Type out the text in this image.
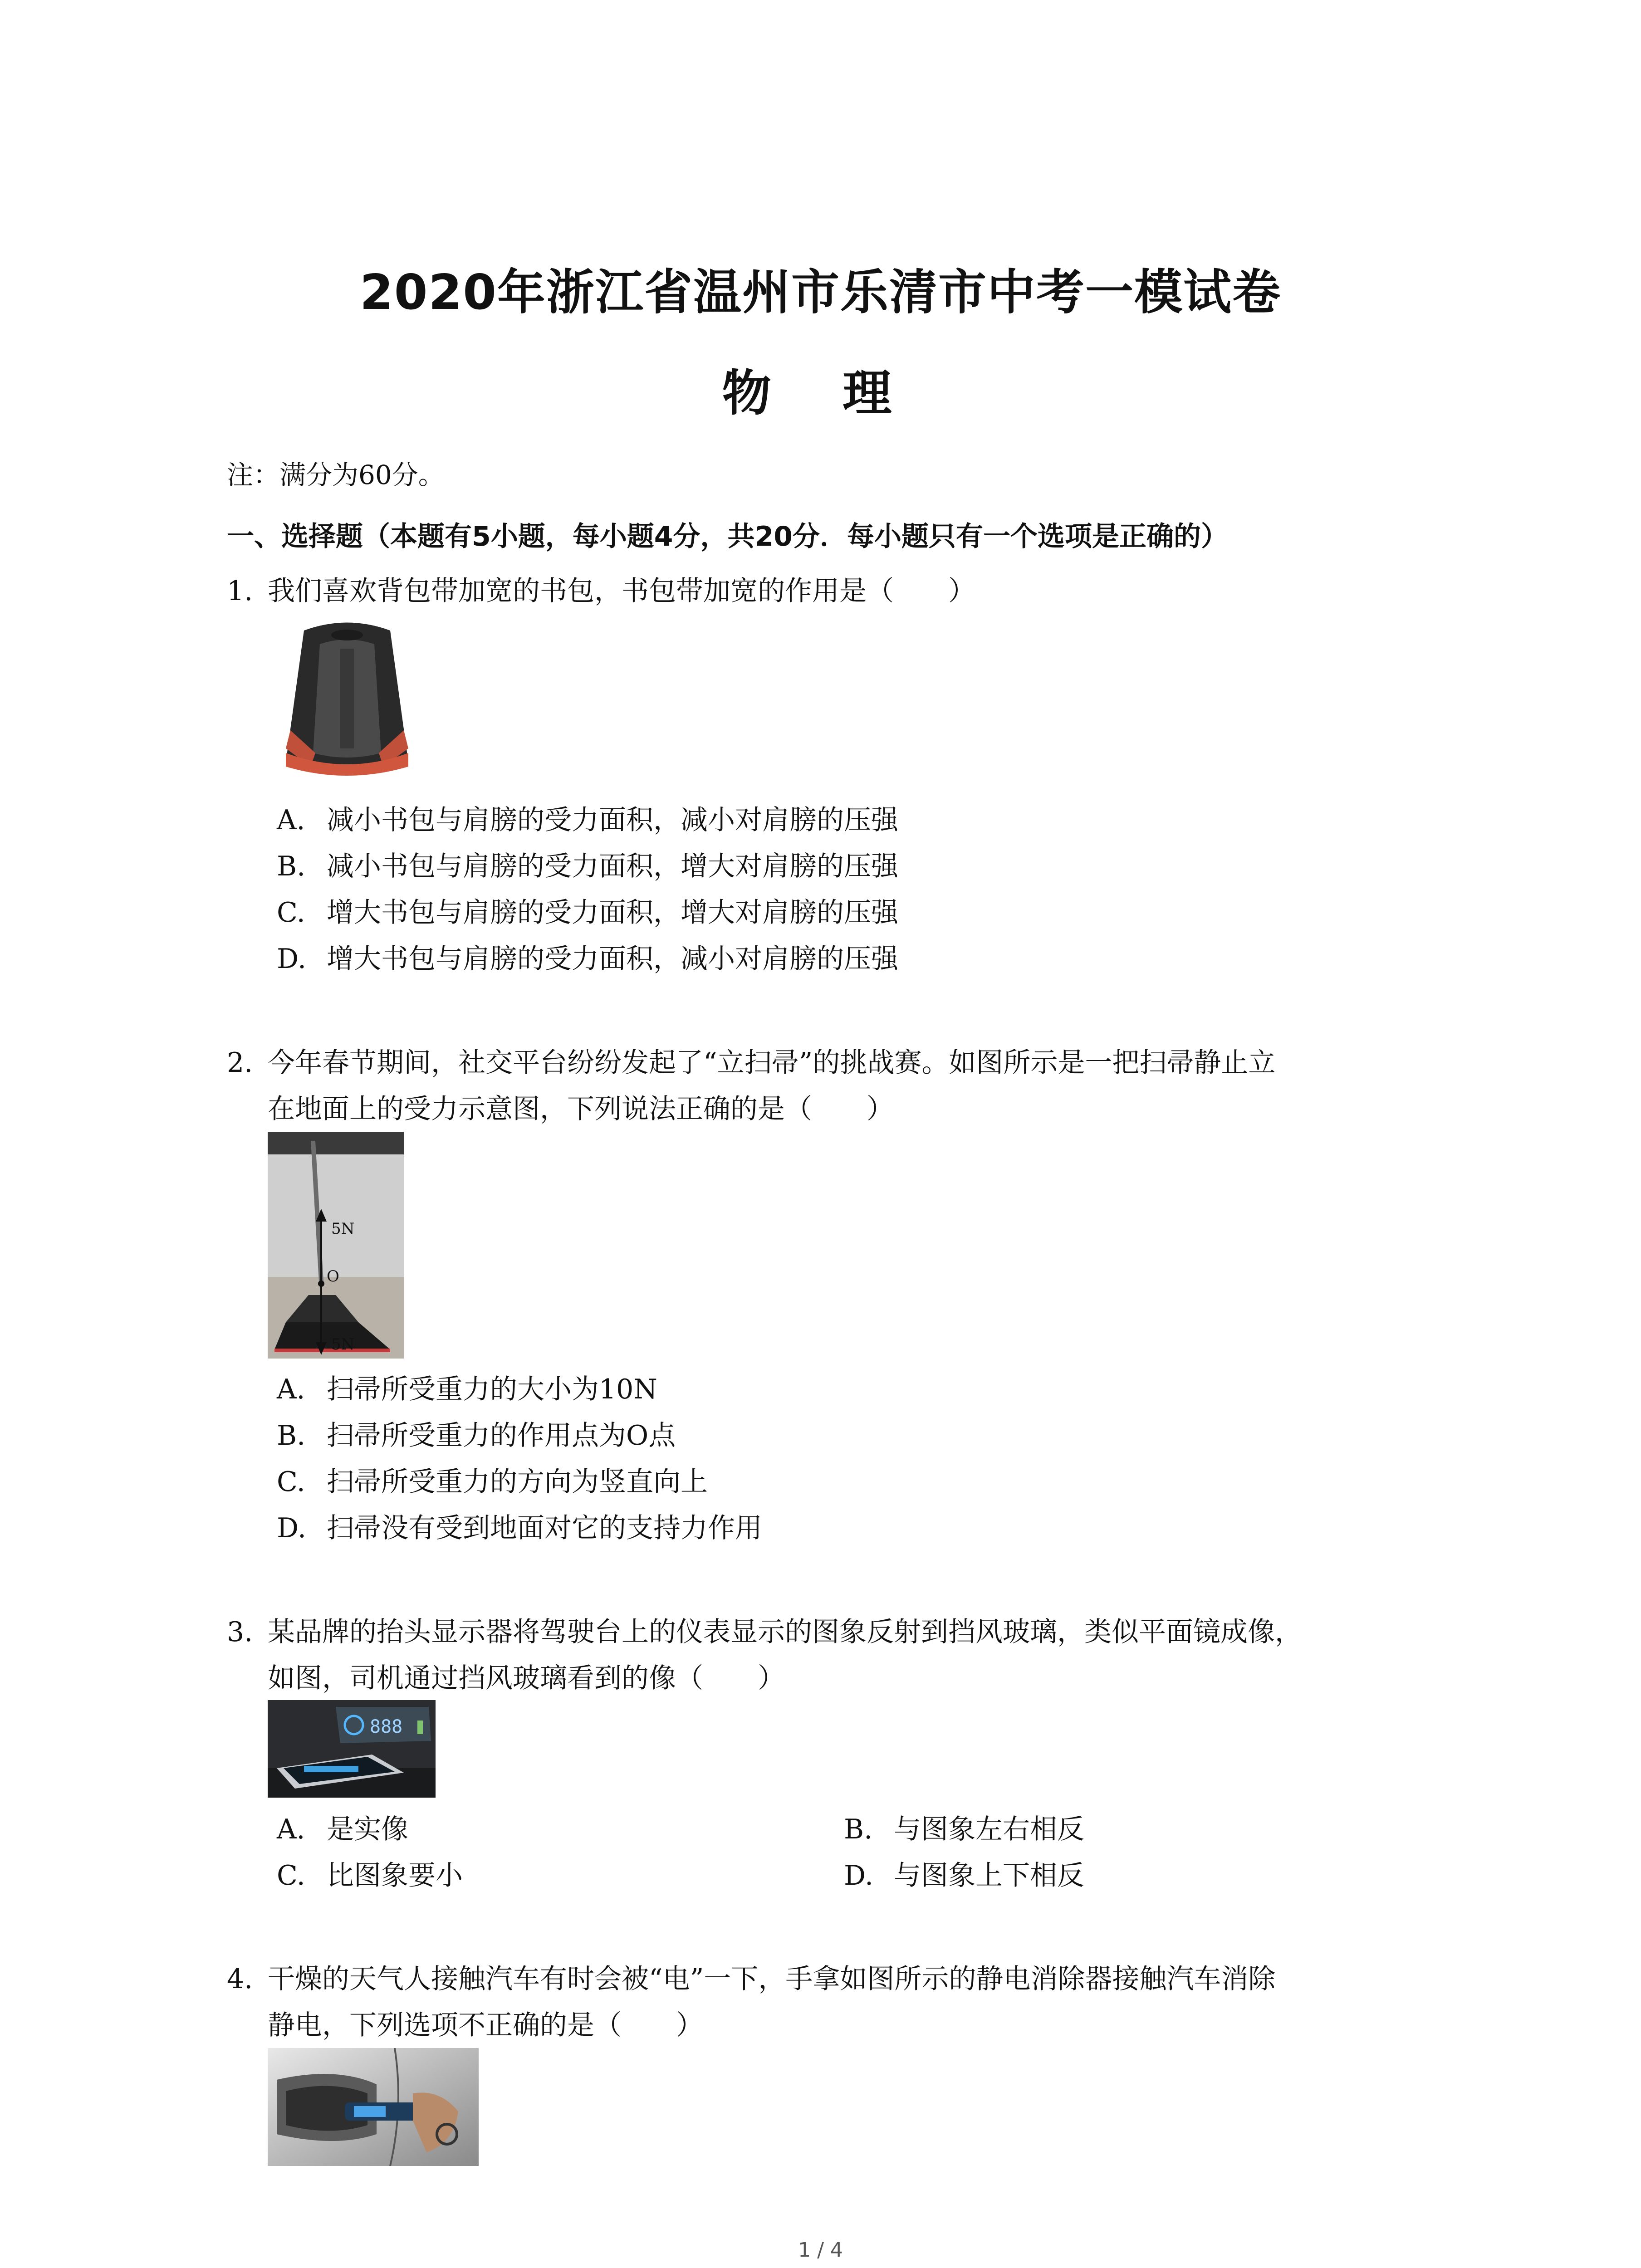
2020年浙江省温州市乐清市中考一模试卷
物 理
注：满分为60分。
一、选择题（本题有5小题，每小题4分，共20分．每小题只有一个选项是正确的）
1. 我们喜欢背包带加宽的书包，书包带加宽的作用是（　　）
A. 减小书包与肩膀的受力面积，减小对肩膀的压强
B. 减小书包与肩膀的受力面积，增大对肩膀的压强
C. 增大书包与肩膀的受力面积，增大对肩膀的压强
D. 增大书包与肩膀的受力面积，减小对肩膀的压强
2. 今年春节期间，社交平台纷纷发起了“立扫帚”的挑战赛。如图所示是一把扫帚静止立
在地面上的受力示意图，下列说法正确的是（　　）
5N
O
5N
A. 扫帚所受重力的大小为10N
B. 扫帚所受重力的作用点为O点
C. 扫帚所受重力的方向为竖直向上
D. 扫帚没有受到地面对它的支持力作用
3. 某品牌的抬头显示器将驾驶台上的仪表显示的图象反射到挡风玻璃，类似平面镜成像，
如图，司机通过挡风玻璃看到的像（　　）
888
A. 是实像	B. 与图象左右相反
C. 比图象要小	D. 与图象上下相反
4. 干燥的天气人接触汽车有时会被“电”一下，手拿如图所示的静电消除器接触汽车消除
静电，下列选项不正确的是（　　）
1 / 4
